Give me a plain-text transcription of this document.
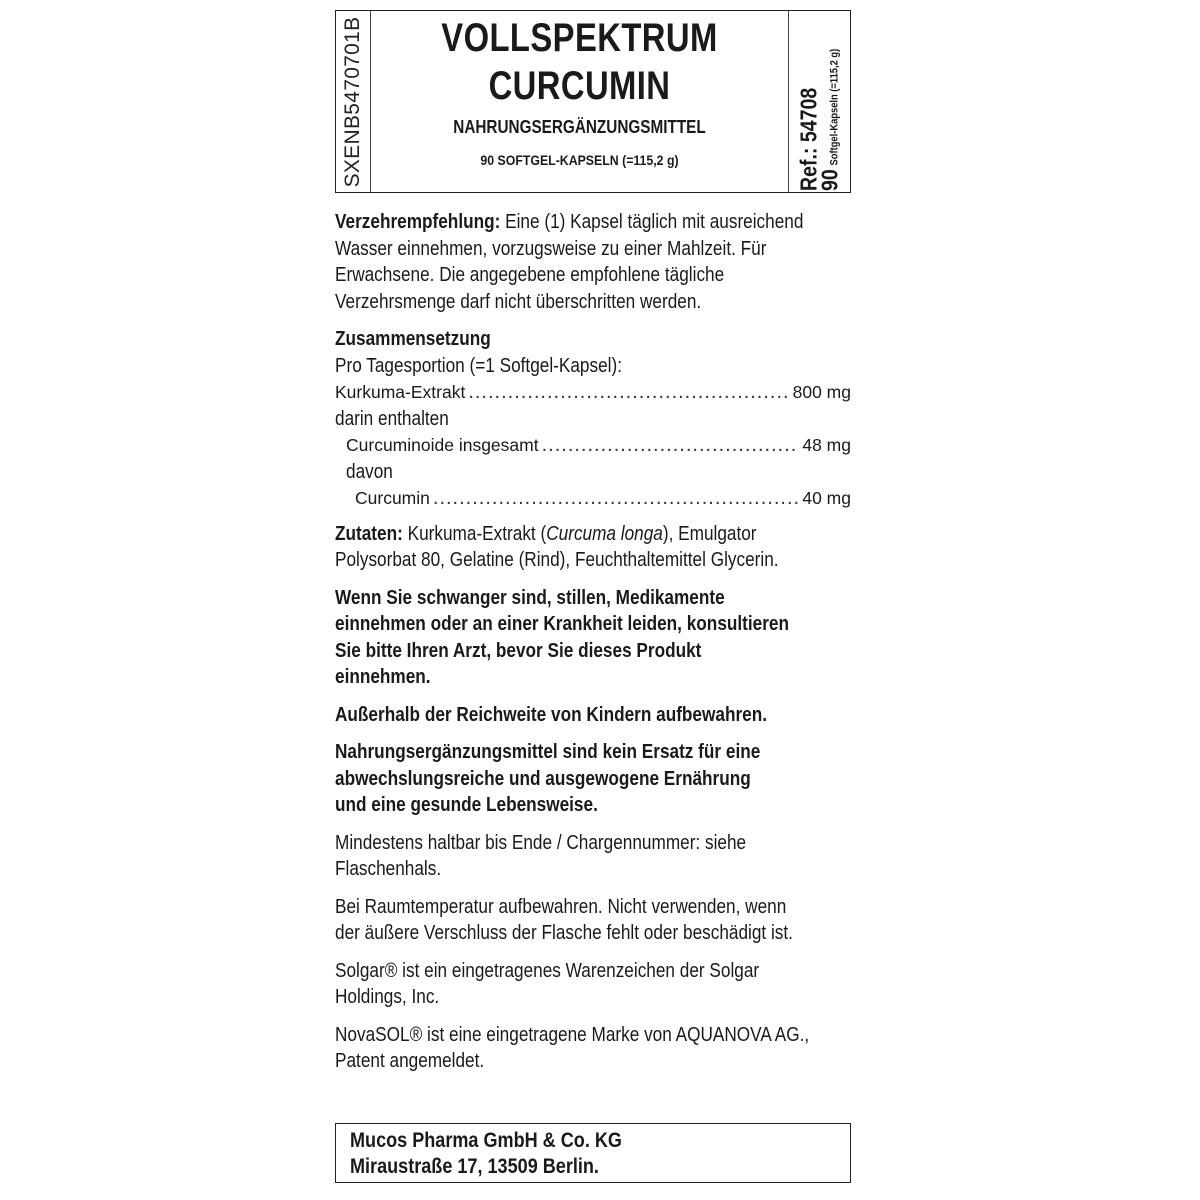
SXENB5470701B	VOLLSPEKTRUM
CURCUMIN
NAHRUNGSERGÄNZUNGSMITTEL
90 SOFTGEL-KAPSELN (=115,2 g)	Ref.: 54708
90 Softgel-Kapseln (=115,2 g)

Verzehrempfehlung: Eine (1) Kapsel täglich mit ausreichend
Wasser einnehmen, vorzugsweise zu einer Mahlzeit. Für
Erwachsene. Die angegebene empfohlene tägliche
Verzehrsmenge darf nicht überschritten werden.

Zusammensetzung
Pro Tagesportion (=1 Softgel-Kapsel):
Kurkuma-Extrakt .....	800 mg
darin enthalten
Curcuminoide insgesamt .....	48 mg
davon
Curcumin .....	40 mg

Zutaten: Kurkuma-Extrakt (Curcuma longa), Emulgator
Polysorbat 80, Gelatine (Rind), Feuchthaltemittel Glycerin.

Wenn Sie schwanger sind, stillen, Medikamente
einnehmen oder an einer Krankheit leiden, konsultieren
Sie bitte Ihren Arzt, bevor Sie dieses Produkt
einnehmen.

Außerhalb der Reichweite von Kindern aufbewahren.

Nahrungsergänzungsmittel sind kein Ersatz für eine
abwechslungsreiche und ausgewogene Ernährung
und eine gesunde Lebensweise.

Mindestens haltbar bis Ende / Chargennummer: siehe
Flaschenhals.

Bei Raumtemperatur aufbewahren. Nicht verwenden, wenn
der äußere Verschluss der Flasche fehlt oder beschädigt ist.

Solgar® ist ein eingetragenes Warenzeichen der Solgar
Holdings, Inc.

NovaSOL® ist eine eingetragene Marke von AQUANOVA AG.,
Patent angemeldet.

Mucos Pharma GmbH & Co. KG
Miraustraße 17, 13509 Berlin.
